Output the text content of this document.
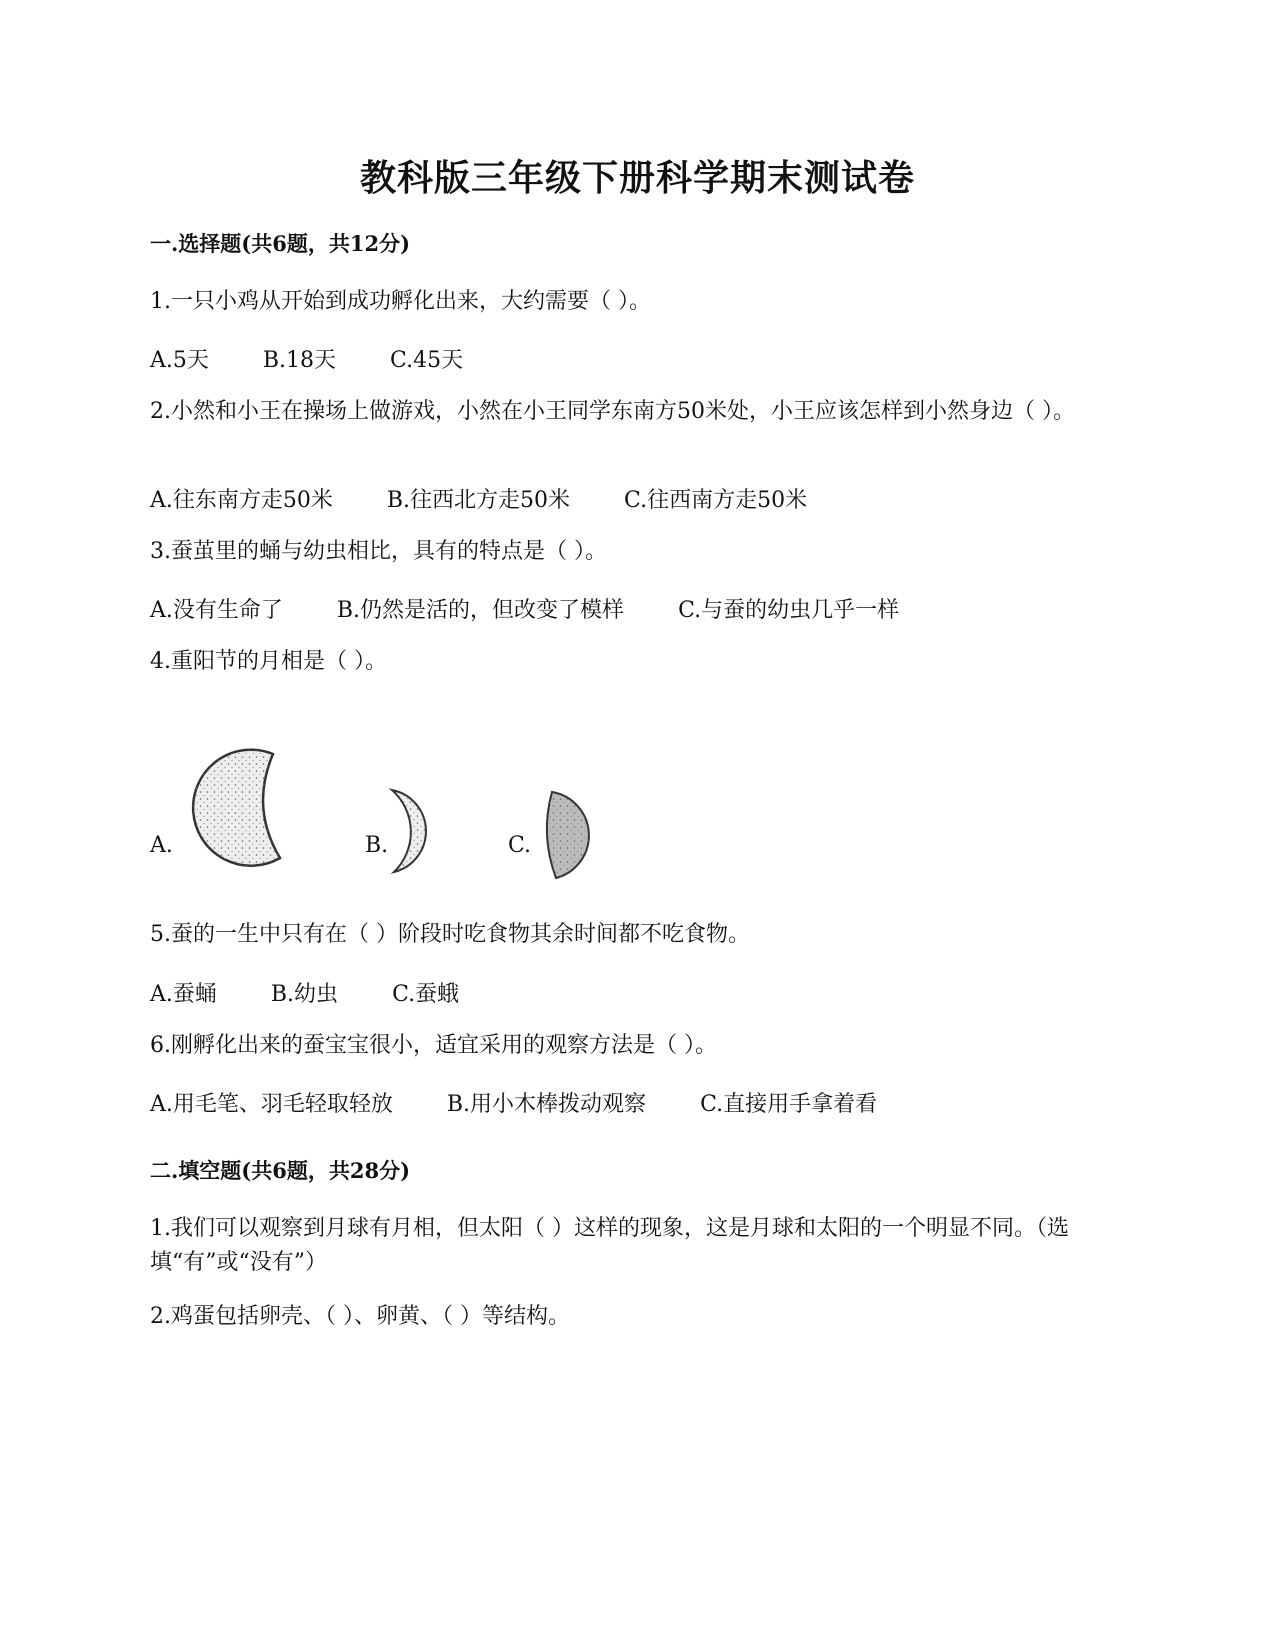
教科版三年级下册科学期末测试卷

一.选择题(共6题，共12分)

1.一只小鸡从开始到成功孵化出来，大约需要（ ）。

A.5天 B.18天 C.45天

2.小然和小王在操场上做游戏，小然在小王同学东南方50米处，小王应该怎样到小然身边（ ）。

A.往东南方走50米 B.往西北方走50米 C.往西南方走50米

3.蚕茧里的蛹与幼虫相比，具有的特点是（ ）。

A.没有生命了 B.仍然是活的，但改变了模样 C.与蚕的幼虫几乎一样

4.重阳节的月相是（ ）。

A.	B.	C.

5.蚕的一生中只有在（ ）阶段时吃食物其余时间都不吃食物。

A.蚕蛹 B.幼虫 C.蚕蛾

6.刚孵化出来的蚕宝宝很小，适宜采用的观察方法是（ ）。

A.用毛笔、羽毛轻取轻放 B.用小木棒拨动观察 C.直接用手拿着看

二.填空题(共6题，共28分)

1.我们可以观察到月球有月相，但太阳（ ）这样的现象，这是月球和太阳的一个明显不同。（选填“有”或“没有”）

2.鸡蛋包括卵壳、（ ）、卵黄、（ ）等结构。
